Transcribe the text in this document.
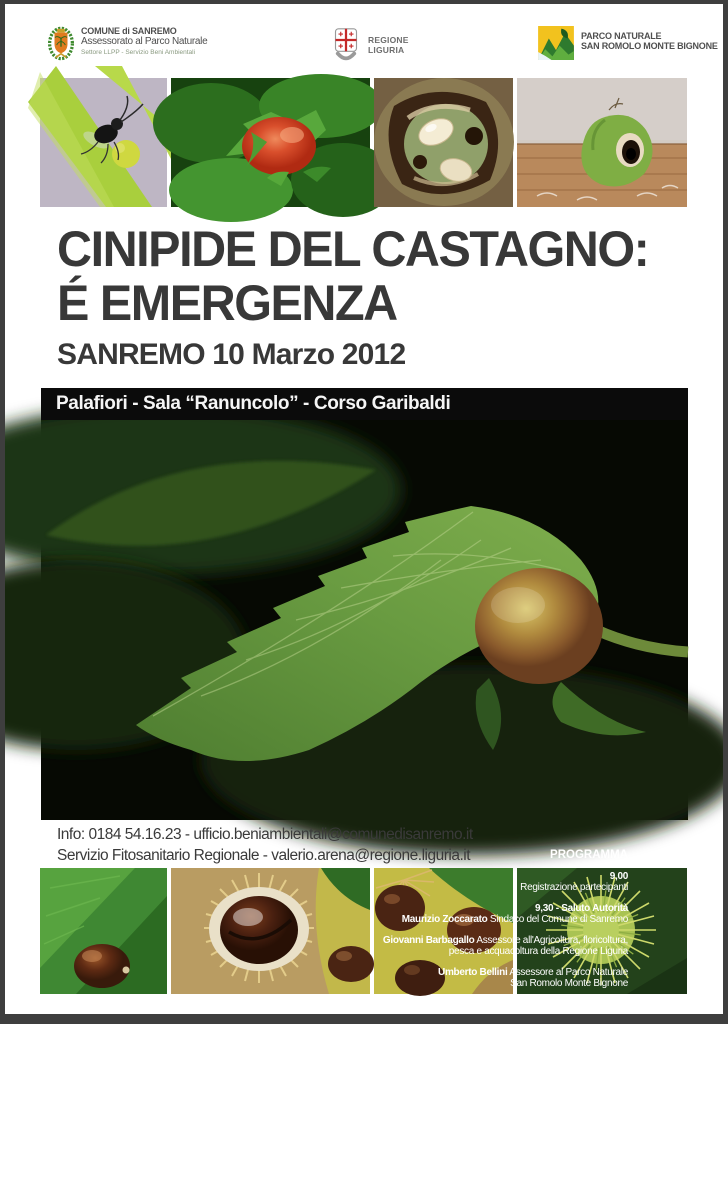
COMUNE di SANREMO
Assessorato al Parco Naturale
Settore LLPP - Servizio Beni Ambientali
REGIONE
LIGURIA
PARCO NATURALE
SAN ROMOLO MONTE BIGNONE
CINIPIDE DEL CASTAGNO:
É EMERGENZA
SANREMO 10 Marzo 2012
Palafiori - Sala “Ranuncolo” - Corso Garibaldi
PROGRAMMA
9,00
Registrazione partecipanti
9,30 - Saluto Autorità
Maurizio Zoccarato Sindaco del Comune di Sanremo
Giovanni Barbagallo Assessore all'Agricoltura, floricoltura,
pesca e acquacoltura della Regione Liguria
Umberto Bellini Assessore al Parco Naturale
San Romolo Monte Bignone
10,00 Apertura lavori
Marcello Storace, Dirigente Servizio Fitosanitario Regione Liguria
Biologia del cinipide galligeno del castagno (Dryocosmus kuriphilus)
e riconoscimento dei danni
10,30
Valerio Arena, Servizio Fitosanitario Regione Liguria
La lotta biologica al cinipide con Torymus sinesi la situazione e il
piano strategico nella Provincia di Imperia
11,00
Claudio Littardi, Comune di Sanremo Servizio Beni Ambientali
Imenotteri parassitoidi indigeni : nuove prospettive di lotta
biologica
11,30 - Dibattito
Info: 0184 54.16.23 - ufficio.beniambientali@comunedisanremo.it
Servizio Fitosanitario Regionale - valerio.arena@regione.liguria.it
